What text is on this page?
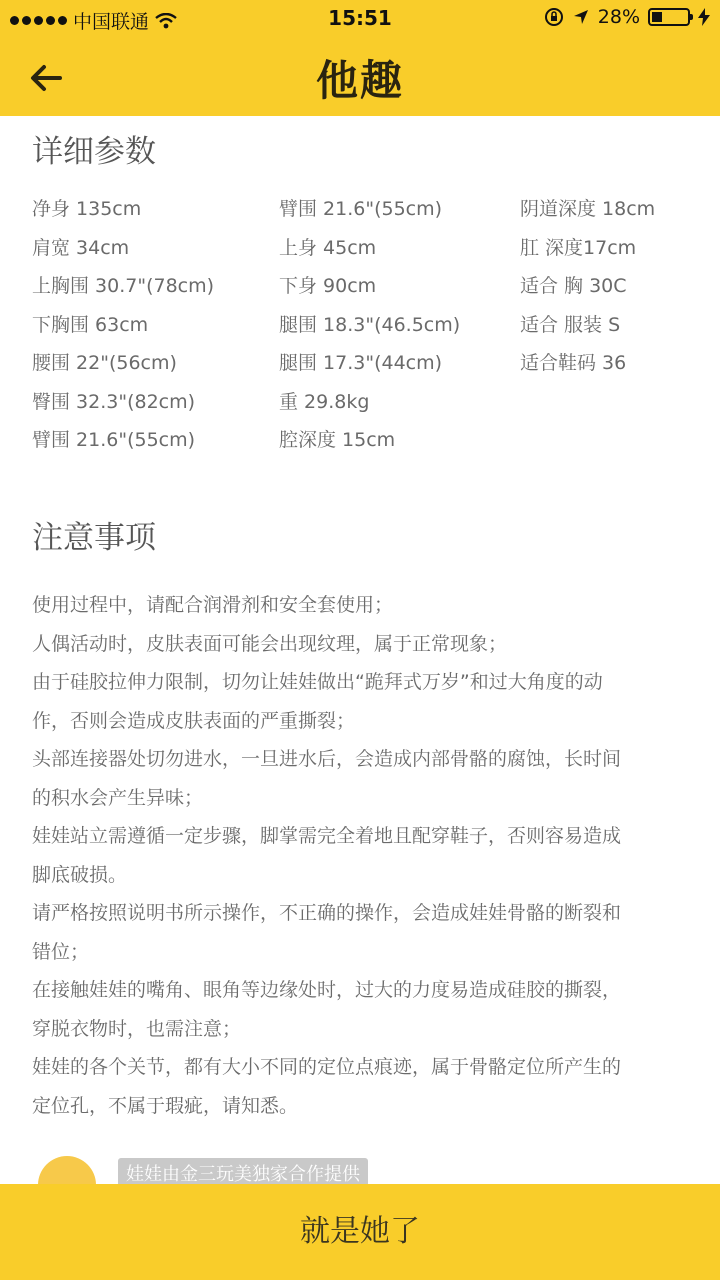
中国联通	15:51	28%
他趣
详细参数
净身 135cm
肩宽 34cm
上胸围 30.7"(78cm)
下胸围 63cm
腰围 22"(56cm)
臀围 32.3"(82cm)
臂围 21.6"(55cm)
臂围 21.6"(55cm)
上身 45cm
下身 90cm
腿围 18.3"(46.5cm)
腿围 17.3"(44cm)
重 29.8kg
腔深度 15cm
阴道深度 18cm
肛 深度17cm
适合 胸 30C
适合 服装 S
适合鞋码 36
注意事项
使用过程中，请配合润滑剂和安全套使用；
人偶活动时，皮肤表面可能会出现纹理，属于正常现象；
由于硅胶拉伸力限制，切勿让娃娃做出“跪拜式万岁”和过大角度的动
作，否则会造成皮肤表面的严重撕裂；
头部连接器处切勿进水，一旦进水后，会造成内部骨骼的腐蚀，长时间
的积水会产生异味；
娃娃站立需遵循一定步骤，脚掌需完全着地且配穿鞋子，否则容易造成
脚底破损。
请严格按照说明书所示操作，不正确的操作，会造成娃娃骨骼的断裂和
错位；
在接触娃娃的嘴角、眼角等边缘处时，过大的力度易造成硅胶的撕裂，
穿脱衣物时，也需注意；
娃娃的各个关节，都有大小不同的定位点痕迹，属于骨骼定位所产生的
定位孔，不属于瑕疵，请知悉。
娃娃由金三玩美独家合作提供
就是她了
